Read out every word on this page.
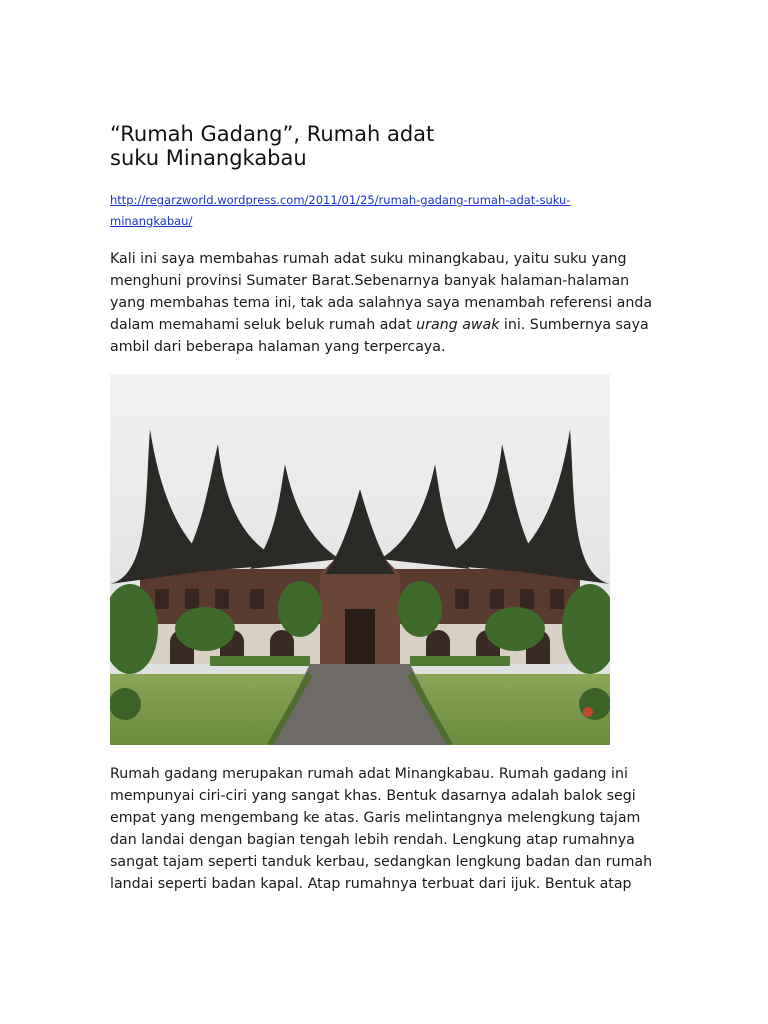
“Rumah Gadang”, Rumah adat
suku Minangkabau
http://regarzworld.wordpress.com/2011/01/25/rumah-gadang-rumah-adat-suku-
minangkabau/

Kali ini saya membahas rumah adat suku minangkabau, yaitu suku yang
menghuni provinsi Sumater Barat.Sebenarnya banyak halaman-halaman
yang membahas tema ini, tak ada salahnya saya menambah referensi anda
dalam memahami seluk beluk rumah adat urang awak ini. Sumbernya saya
ambil dari beberapa halaman yang terpercaya.

Rumah gadang merupakan rumah adat Minangkabau. Rumah gadang ini
mempunyai ciri-ciri yang sangat khas. Bentuk dasarnya adalah balok segi
empat yang mengembang ke atas. Garis melintangnya melengkung tajam
dan landai dengan bagian tengah lebih rendah. Lengkung atap rumahnya
sangat tajam seperti tanduk kerbau, sedangkan lengkung badan dan rumah
landai seperti badan kapal. Atap rumahnya terbuat dari ijuk. Bentuk atap
